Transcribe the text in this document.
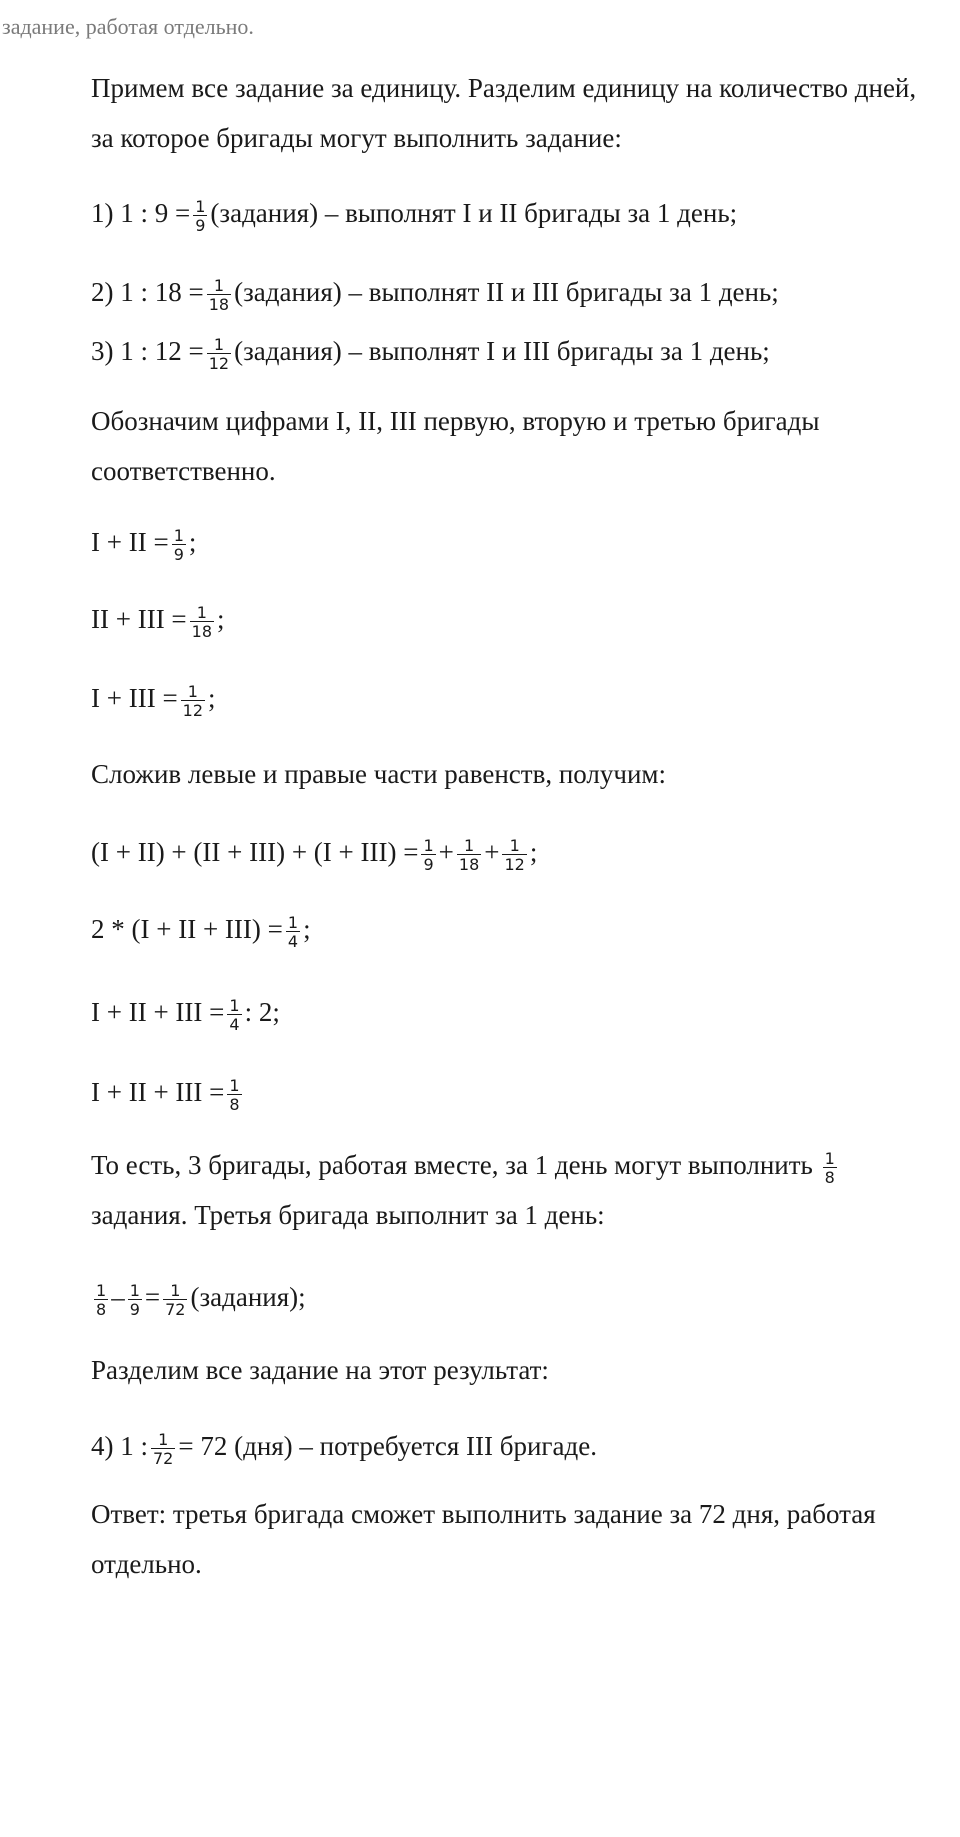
задание, работая отдельно.
Примем все задание за единицу. Разделим единицу на количество дней, за которое бригады могут выполнить задание:
1) 1 : $9 = \frac{1}{9}$ (задания) – выполнят I и II бригады за 1 день;
2) 1 : $18 = \frac{1}{18}$ (задания) – выполнят II и III бригады за 1 день;
3) 1 : $12 = \frac{1}{12}$ (задания) – выполнят I и III бригады за 1 день;
Обозначим цифрами I, II, III первую, вторую и третью бригады соответственно.
I + II = $\frac{1}{9}$ ;
II + III = $\frac{1}{18}$ ;
I + III = $\frac{1}{12}$ ;
Сложив левые и правые части равенств, получим:
$(I + II) + (II + III) + (I + III) = \frac{1}{9} + \frac{1}{18} + \frac{1}{12}$ ;
2 * (I + II + $III) = \frac{1}{4}$ ;
I + II + III = $\frac{1}{4}$ : 2;
I + II + III = $\frac{1}{8}$
То есть, 3 бригады, работая вместе, за 1 день могут выполнить $\frac{1}{8}$
задания. Третья бригада выполнит за 1 день:
$\frac{1}{8} - \frac{1}{9} = \frac{1}{72}$ (задания);
Разделим все задание на этот результат:
4) 1 : $\frac{1}{72} = 72$ (дня) – потребуется III бригаде.
Ответ: третья бригада сможет выполнить задание за 72 дня, работая отдельно.
